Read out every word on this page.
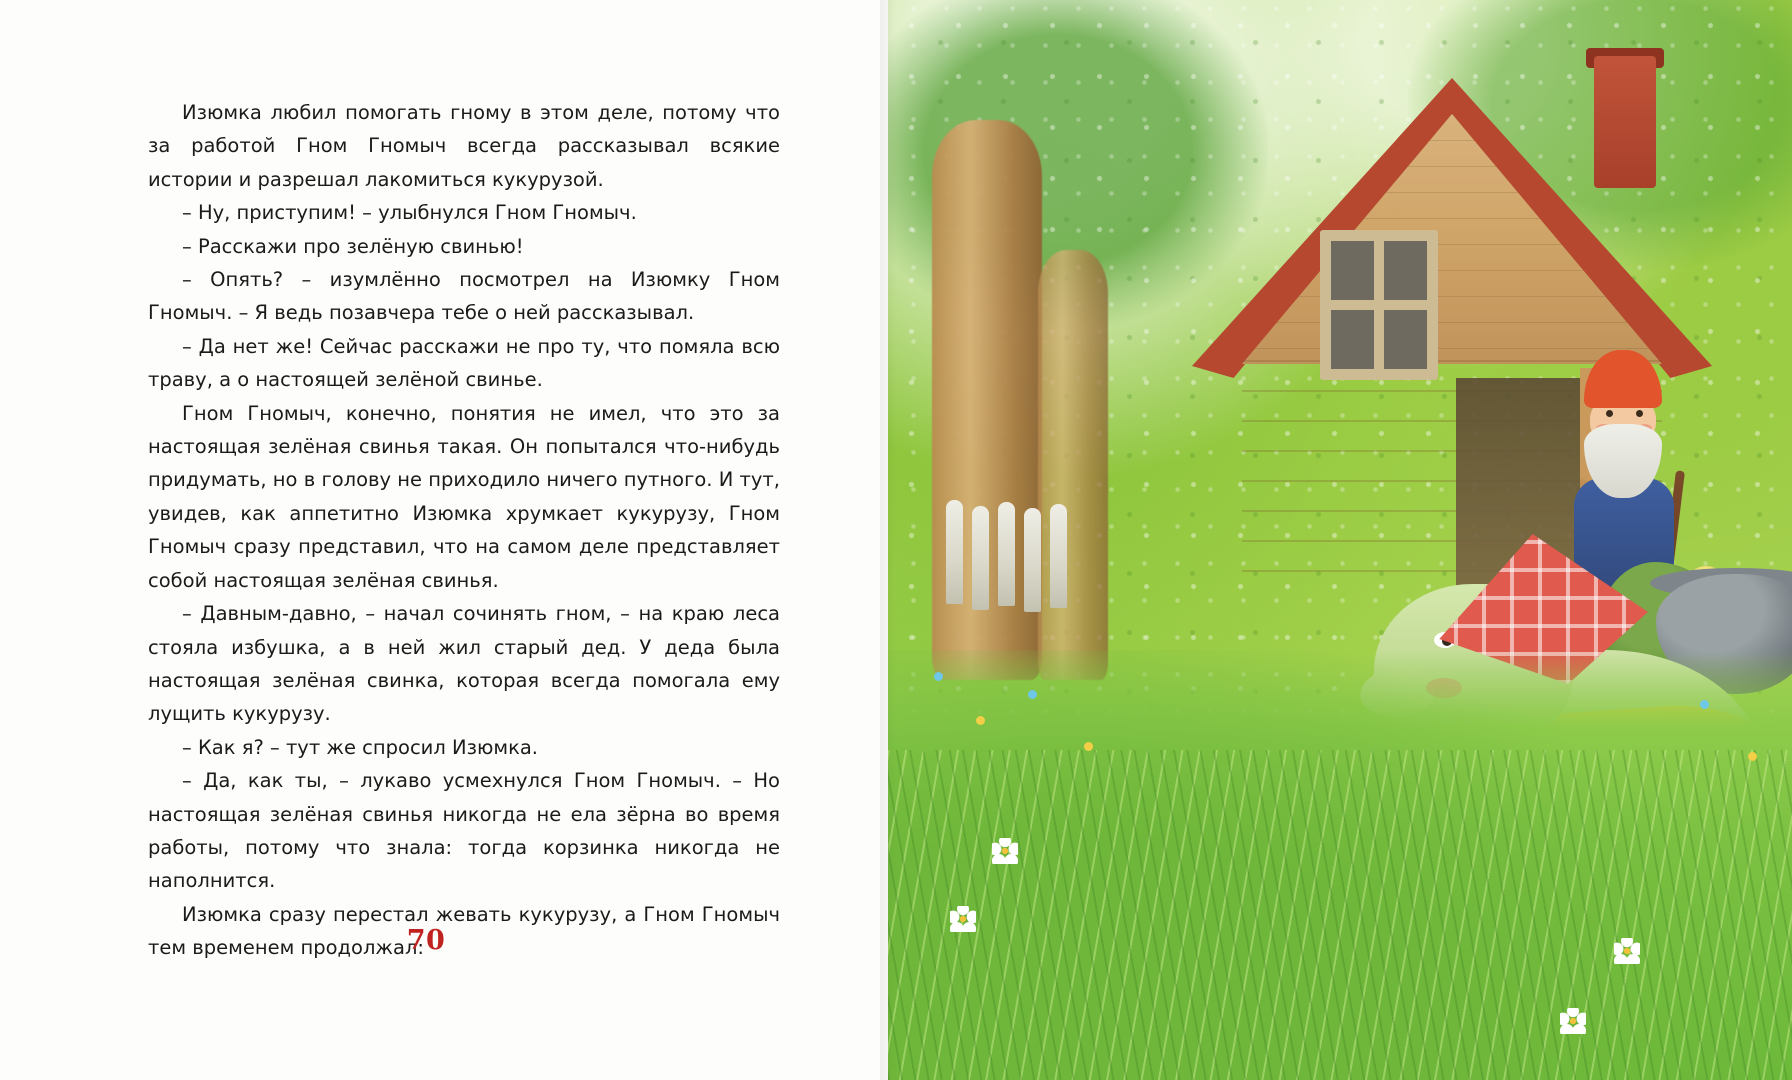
Изюмка любил помогать гному в этом деле, потому что за работой Гном Гномыч всегда рассказывал всякие истории и разрешал лакомиться кукурузой.

– Ну, приступим! – улыбнулся Гном Гномыч.

– Расскажи про зелёную свинью!

– Опять? – изумлённо посмотрел на Изюмку Гном Гномыч. – Я ведь позавчера тебе о ней рассказывал.

– Да нет же! Сейчас расскажи не про ту, что помяла всю траву, а о настоящей зелёной свинье.

Гном Гномыч, конечно, понятия не имел, что это за настоящая зелёная свинья такая. Он попытался что-нибудь придумать, но в голову не приходило ничего путного. И тут, увидев, как аппетитно Изюмка хрумкает кукурузу, Гном Гномыч сразу представил, что на самом деле представляет собой настоящая зелёная свинья.

– Давным-давно, – начал сочинять гном, – на краю леса стояла избушка, а в ней жил старый дед. У деда была настоящая зелёная свинка, которая всегда помогала ему лущить кукурузу.

– Как я? – тут же спросил Изюмка.

– Да, как ты, – лукаво усмехнулся Гном Гномыч. – Но настоящая зелёная свинья никогда не ела зёрна во время работы, потому что знала: тогда корзинка никогда не наполнится.

Изюмка сразу перестал жевать кукурузу, а Гном Гномыч тем временем продолжал:

70
